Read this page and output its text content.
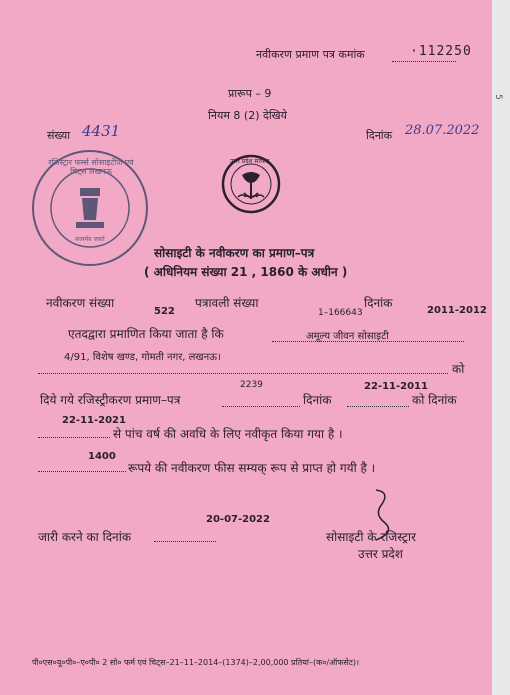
नवीकरण प्रमाण पत्र कमांक	·112250
प्रारूप – 9
नियम 8 (2) देखिये
संख्या 4431	दिनांक 28.07.2022
सत्यमेव जयते
रजिस्ट्रार फर्म्स सोसाइटीज एवं चिट्स लखनऊ
उत्तर प्रदेश सरकार
सोसाइटी के नवीकरण का प्रमाण–पत्र
( अधिनियम संख्या 21 , 1860 के अधीन )
नवीकरण संख्या
522
पत्रावली संख्या
1–166643
दिनांक
2011-2012
एतदद्वारा प्रमाणित किया जाता है कि	अमूल्य जीवन सोसाइटी
4/91, विशेष खण्ड, गोमती नगर, लखनऊ।
को
दिये गये रजिस्ट्रीकरण प्रमाण–पत्र
2239
दिनांक
22-11-2011
को दिनांक
22-11-2021
से पांच वर्ष की अवधि के लिए नवीकृत किया गया है ।
1400
रूपये की नवीकरण फीस सम्यक् रूप से प्राप्त हो गयी है ।
जारी करने का दिनांक
20-07-2022
सोसाइटी के रजिस्ट्रार
उत्तर प्रदेश
पी०एस०यू०पी०–ए०पी० 2 सो० फर्म एवं चिट्स–21–11–2014–(1374)–2,00,000 प्रतियां–(क०/ऑफसेट)।
5
